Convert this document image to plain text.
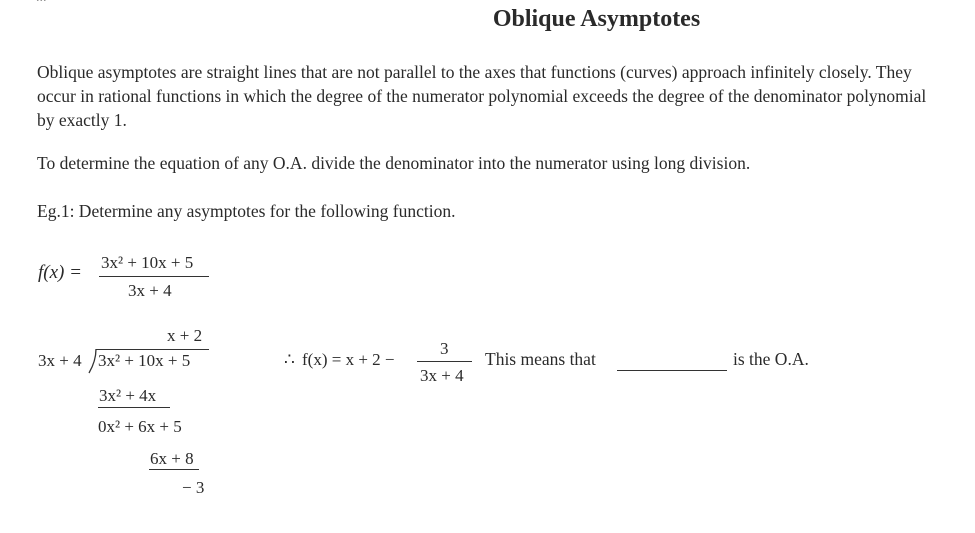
Oblique Asymptotes
Oblique asymptotes are straight lines that are not parallel to the axes that functions (curves) approach infinitely closely. They occur in rational functions in which the degree of the numerator polynomial exceeds the degree of the denominator polynomial by exactly 1.
To determine the equation of any O.A. divide the denominator into the numerator using long division.
Eg.1: Determine any asymptotes for the following function.
f(x) = 3x² + 10x + 5
3x + 4
x + 2
3x + 4 3x² + 10x + 5
3x² + 4x
0x² + 6x + 5
6x + 8
− 3
∴ f(x) = x + 2 −
3
3x + 4
This means that	is the O.A.
